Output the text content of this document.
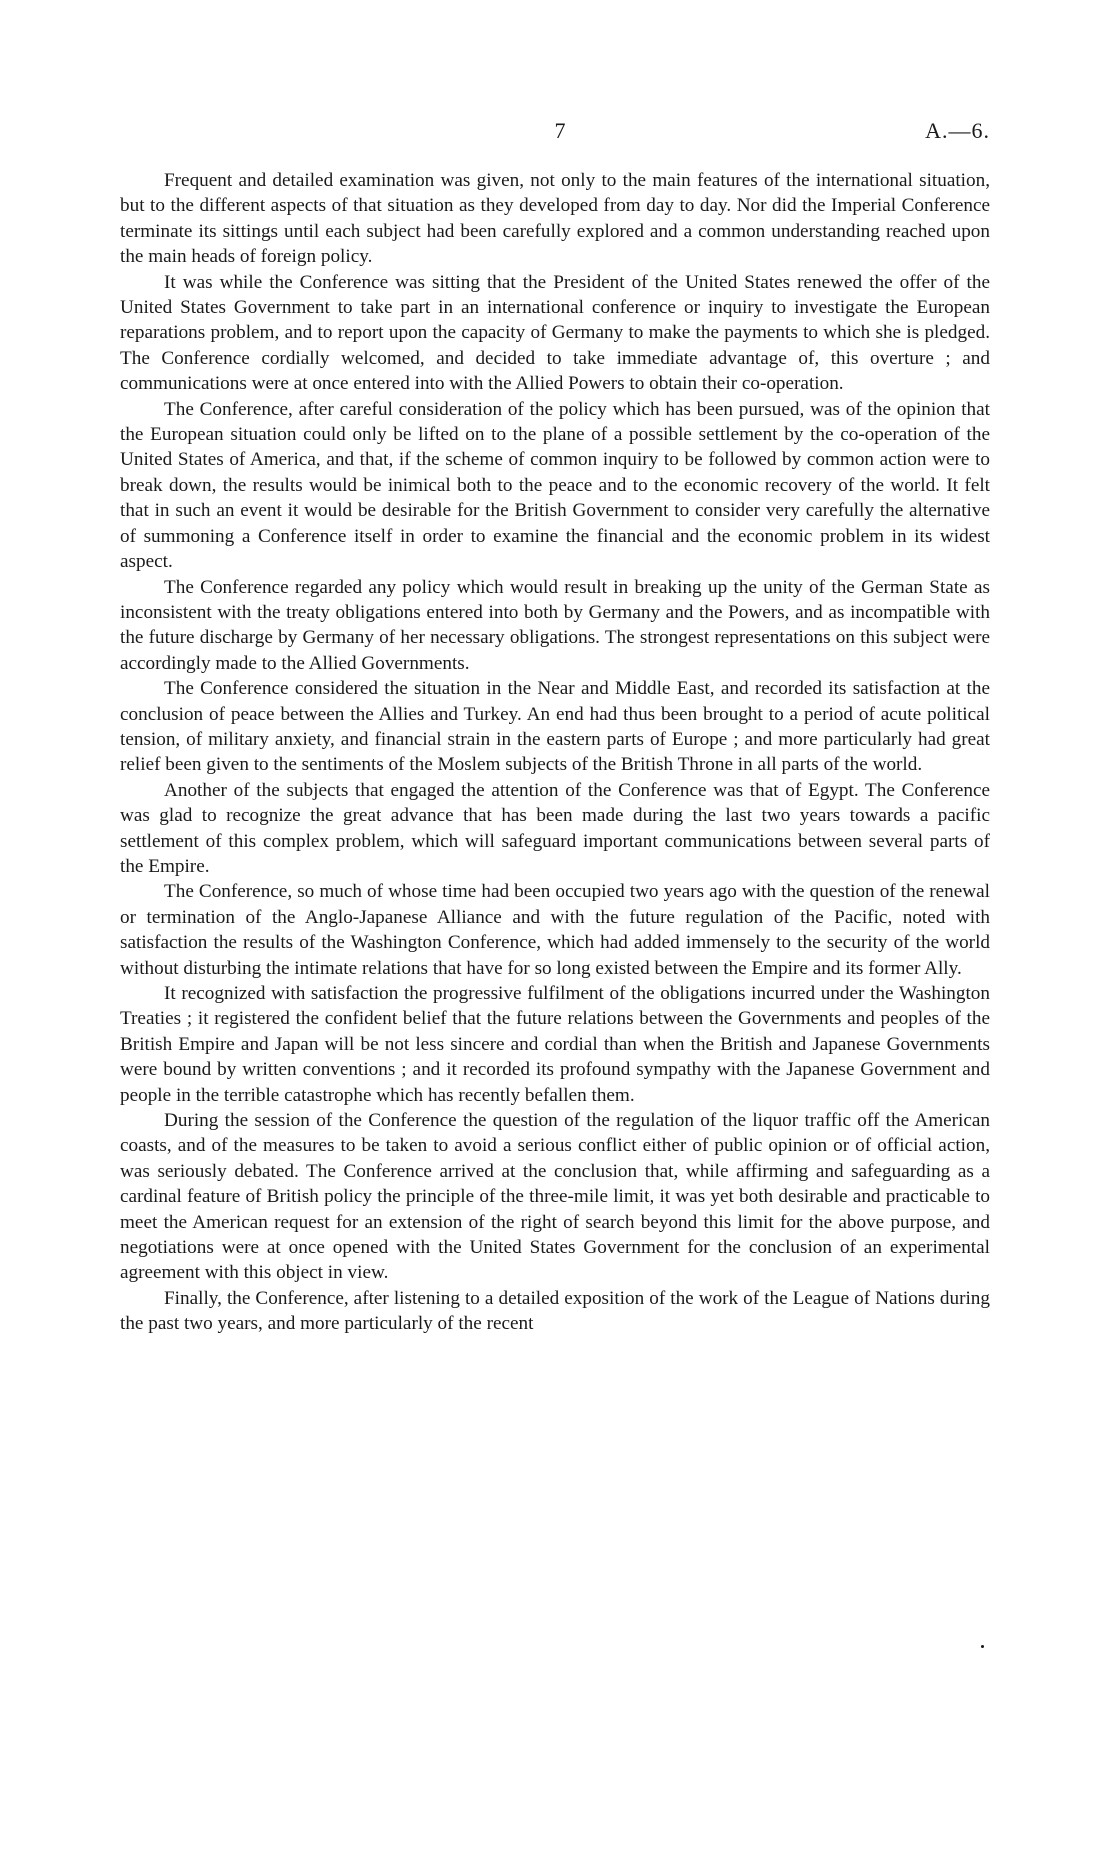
7	A.—6.

Frequent and detailed examination was given, not only to the main features of the international situation, but to the different aspects of that situation as they developed from day to day. Nor did the Imperial Conference terminate its sittings until each subject had been carefully explored and a common understanding reached upon the main heads of foreign policy.

It was while the Conference was sitting that the President of the United States renewed the offer of the United States Government to take part in an international conference or inquiry to investigate the European reparations problem, and to report upon the capacity of Germany to make the payments to which she is pledged. The Conference cordially welcomed, and decided to take immediate advantage of, this overture ; and communications were at once entered into with the Allied Powers to obtain their co-operation.

The Conference, after careful consideration of the policy which has been pursued, was of the opinion that the European situation could only be lifted on to the plane of a possible settlement by the co-operation of the United States of America, and that, if the scheme of common inquiry to be followed by common action were to break down, the results would be inimical both to the peace and to the economic recovery of the world. It felt that in such an event it would be desirable for the British Government to consider very carefully the alternative of summoning a Conference itself in order to examine the financial and the economic problem in its widest aspect.

The Conference regarded any policy which would result in breaking up the unity of the German State as inconsistent with the treaty obligations entered into both by Germany and the Powers, and as incompatible with the future discharge by Germany of her necessary obligations. The strongest representations on this subject were accordingly made to the Allied Governments.

The Conference considered the situation in the Near and Middle East, and recorded its satisfaction at the conclusion of peace between the Allies and Turkey. An end had thus been brought to a period of acute political tension, of military anxiety, and financial strain in the eastern parts of Europe ; and more particularly had great relief been given to the sentiments of the Moslem subjects of the British Throne in all parts of the world.

Another of the subjects that engaged the attention of the Conference was that of Egypt. The Conference was glad to recognize the great advance that has been made during the last two years towards a pacific settlement of this complex problem, which will safeguard important communications between several parts of the Empire.

The Conference, so much of whose time had been occupied two years ago with the question of the renewal or termination of the Anglo-Japanese Alliance and with the future regulation of the Pacific, noted with satisfaction the results of the Washington Conference, which had added immensely to the security of the world without disturbing the intimate relations that have for so long existed between the Empire and its former Ally.

It recognized with satisfaction the progressive fulfilment of the obligations incurred under the Washington Treaties ; it registered the confident belief that the future relations between the Governments and peoples of the British Empire and Japan will be not less sincere and cordial than when the British and Japanese Governments were bound by written conventions ; and it recorded its profound sympathy with the Japanese Government and people in the terrible catastrophe which has recently befallen them.

During the session of the Conference the question of the regulation of the liquor traffic off the American coasts, and of the measures to be taken to avoid a serious conflict either of public opinion or of official action, was seriously debated. The Conference arrived at the conclusion that, while affirming and safeguarding as a cardinal feature of British policy the principle of the three-mile limit, it was yet both desirable and practicable to meet the American request for an extension of the right of search beyond this limit for the above purpose, and negotiations were at once opened with the United States Government for the conclusion of an experimental agreement with this object in view.

Finally, the Conference, after listening to a detailed exposition of the work of the League of Nations during the past two years, and more particularly of the recent
